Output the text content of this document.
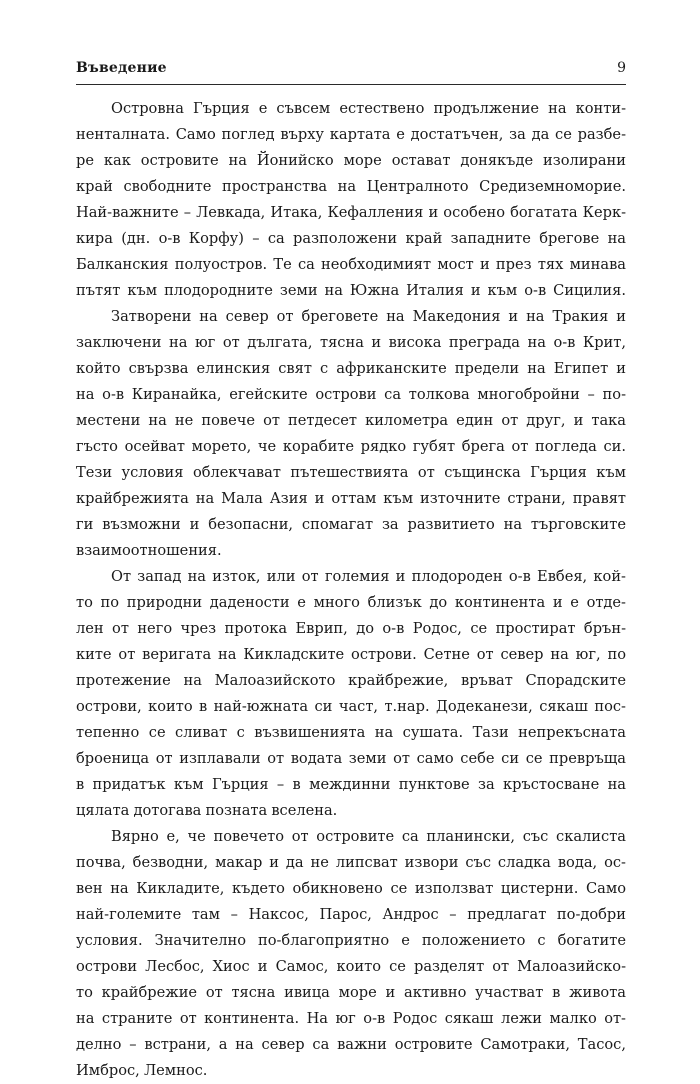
Въведение	9
Островна Гърция е съвсем естествено продължение на конти-
ненталната. Само поглед върху картата е достатъчен, за да се разбе-
ре как островите на Йонийско море остават донякъде изолирани
край свободните пространства на Централното Средиземноморие.
Най-важните – Левкада, Итака, Кефалления и особено богатата Керк-
кира (дн. о-в Корфу) – са разположени край западните брегове на
Балканския полуостров. Те са необходимият мост и през тях минава
пътят към плодородните земи на Южна Италия и към о-в Сицилия.
Затворени на север от бреговете на Македония и на Тракия и
заключени на юг от дългата, тясна и висока преграда на о-в Крит,
който свързва елинския свят с африканските предели на Египет и
на о-в Киранайка, егейските острови са толкова многобройни – по-
местени на не повече от петдесет километра един от друг, и така
гъсто осейват морето, че корабите рядко губят брега от погледа си.
Тези условия облекчават пътешествията от същинска Гърция към
крайбрежията на Мала Азия и оттам към източните страни, правят
ги възможни и безопасни, спомагат за развитието на търговските
взаимоотношения.
От запад на изток, или от големия и плодороден о-в Евбея, кой-
то по природни дадености е много близък до континента и е отде-
лен от него чрез протока Еврип, до о-в Родос, се простират брън-
ките от веригата на Кикладските острови. Сетне от север на юг, по
протежение на Малоазийското крайбрежие, връват Спорадските
острови, които в най-южната си част, т.нар. Додеканези, сякаш пос-
тепенно се сливат с възвишенията на сушата. Тази непрекъсната
броеница от изплавали от водата земи от само себе си се превръща
в придатък към Гърция – в междинни пунктове за кръстосване на
цялата дотогава позната вселена.
Вярно е, че повечето от островите са планински, със скалиста
почва, безводни, макар и да не липсват извори със сладка вода, ос-
вен на Кикладите, където обикновено се използват цистерни. Само
най-големите там – Наксос, Парос, Андрос – предлагат по-добри
условия. Значително по-благоприятно е положението с богатите
острови Лесбос, Хиос и Самос, които се разделят от Малоазийско-
то крайбрежие от тясна ивица море и активно участват в живота
на страните от континента. На юг о-в Родос сякаш лежи малко от-
делно – встрани, а на север са важни островите Самотраки, Тасос,
Имброс, Лемнос.
